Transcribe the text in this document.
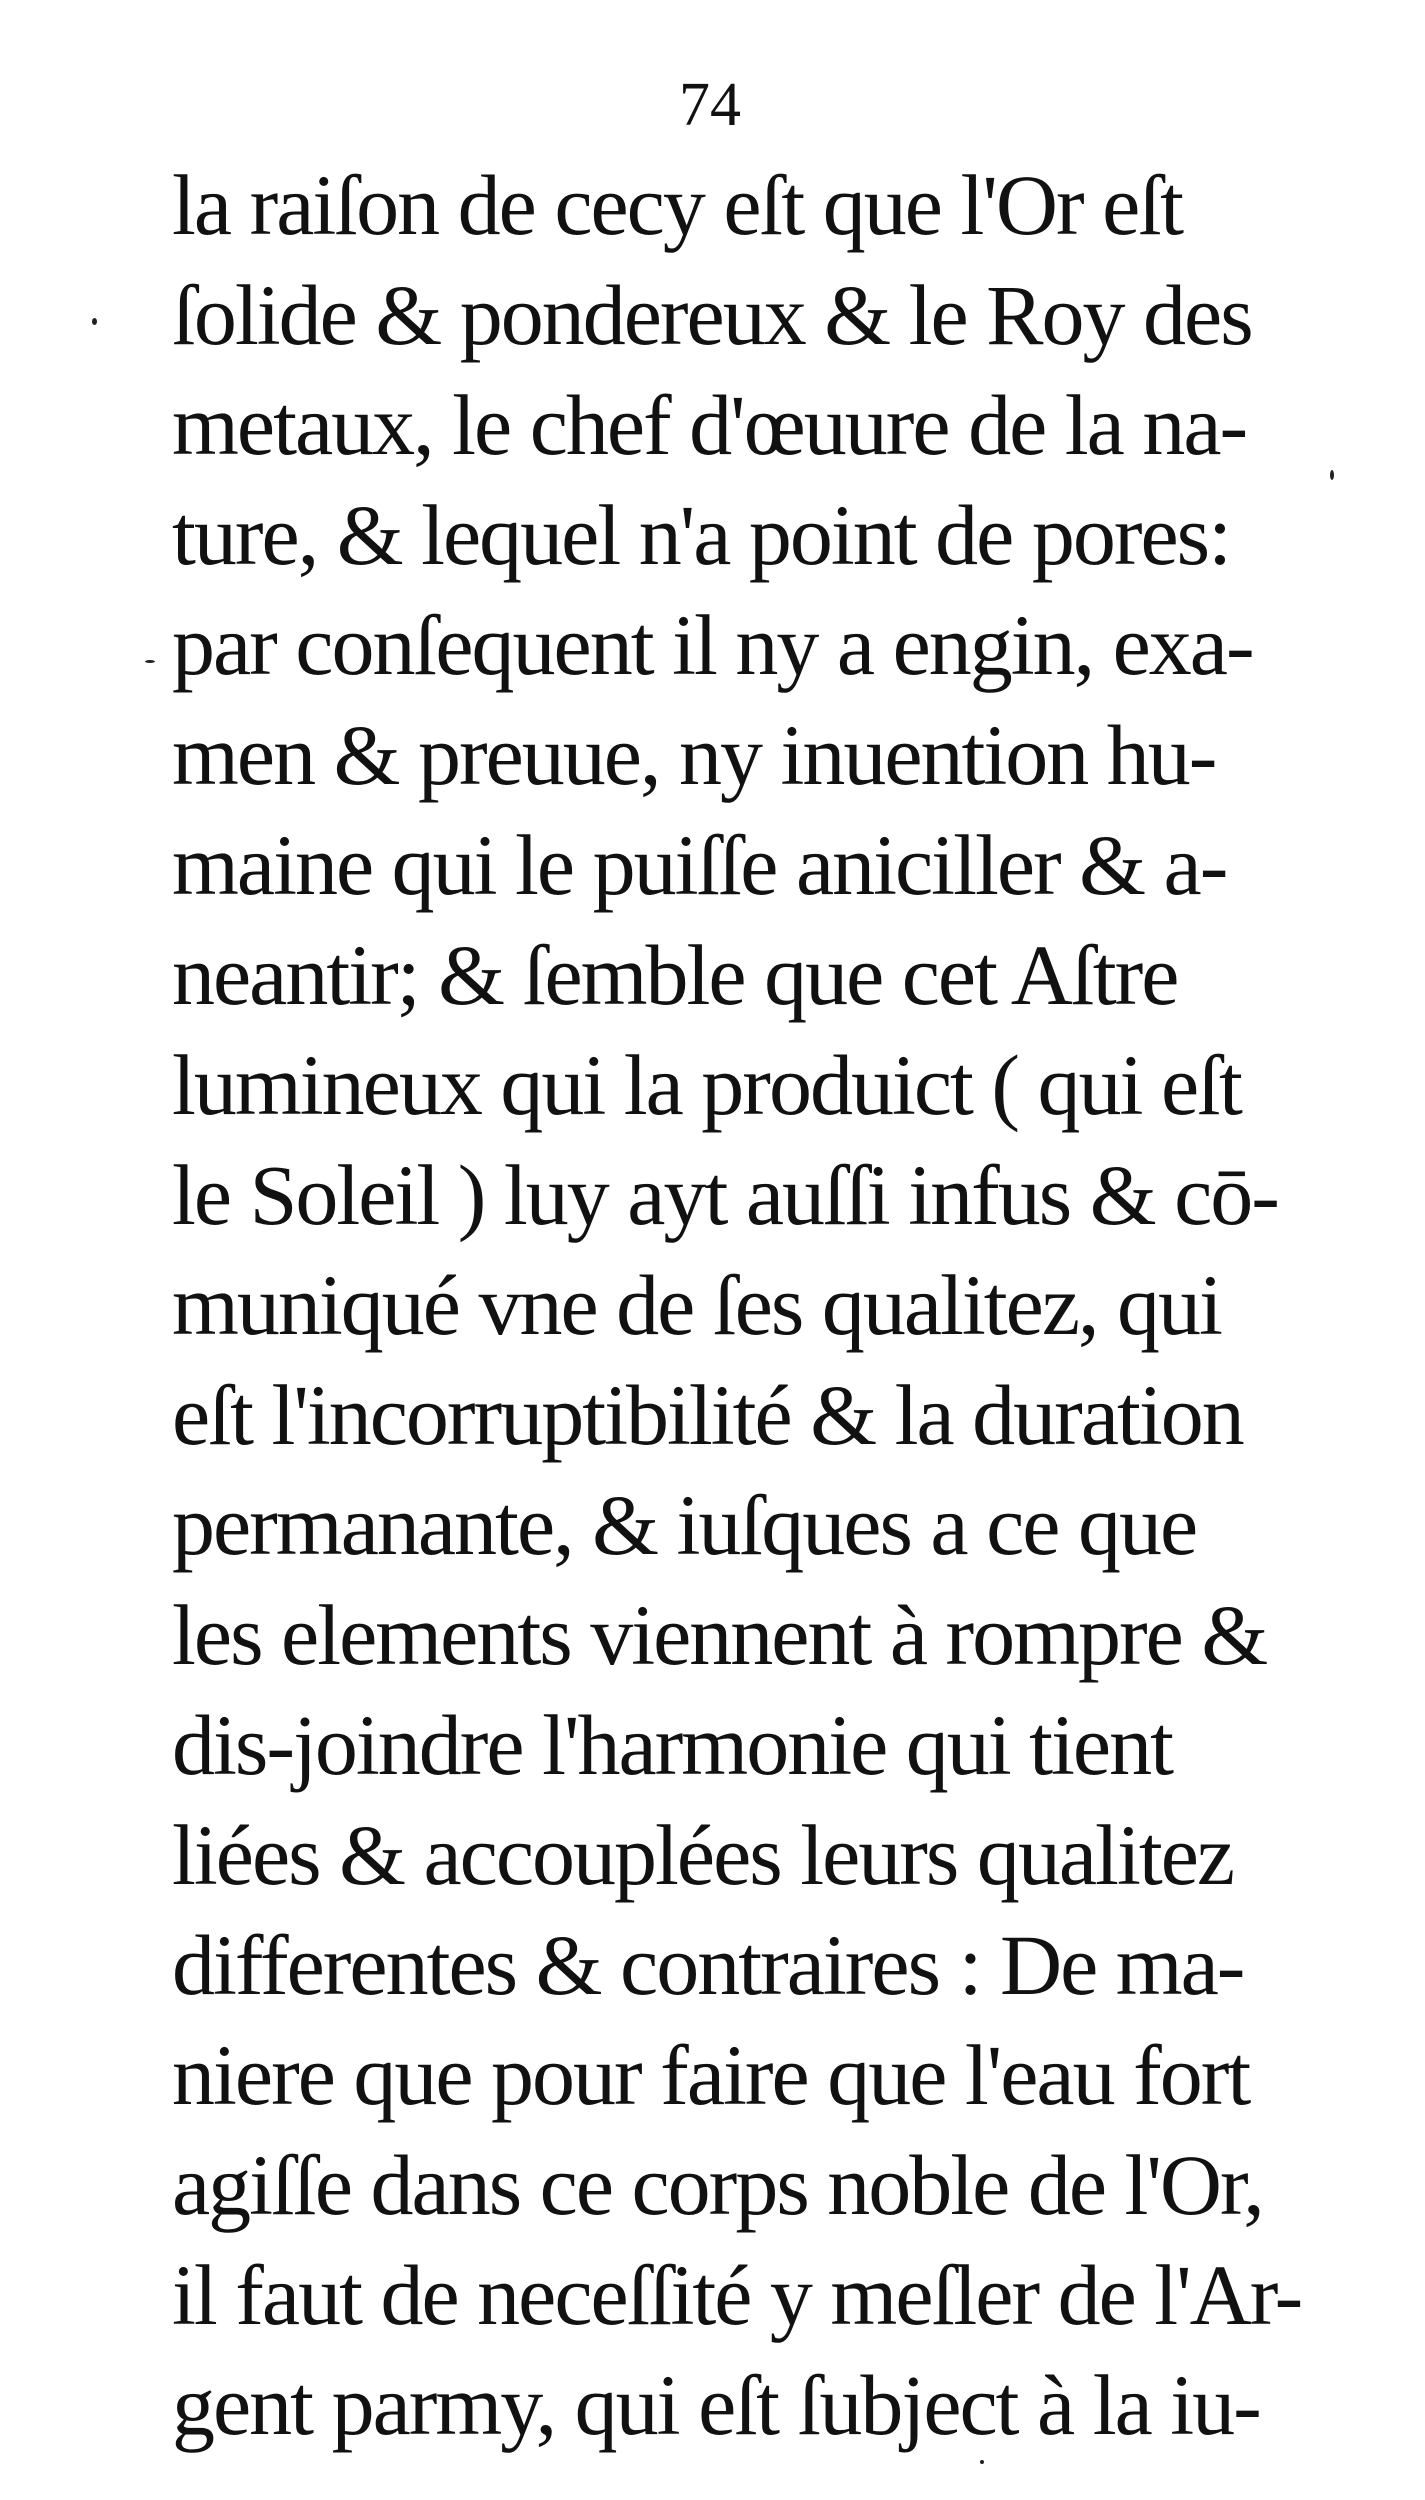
74
la raiſon de cecy eſt que l'Or eſt
ſolide & pondereux & le Roy des
metaux, le chef d'œuure de la na-
ture, & lequel n'a point de pores:
par conſequent il ny a engin, exa-
men & preuue, ny inuention hu-
maine qui le puiſſe aniciller & a-
neantir; & ſemble que cet Aſtre
lumineux qui la produict ( qui eſt
le Soleil ) luy ayt auſſi infus & cō-
muniqué vne de ſes qualitez, qui
eſt l'incorruptibilité & la duration
permanante, & iuſques a ce que
les elements viennent à rompre &
dis-joindre l'harmonie qui tient
liées & accouplées leurs qualitez
differentes & contraires : De ma-
niere que pour faire que l'eau fort
agiſſe dans ce corps noble de l'Or,
il faut de neceſſité y meſler de l'Ar-
gent parmy, qui eſt ſubject à la iu-
